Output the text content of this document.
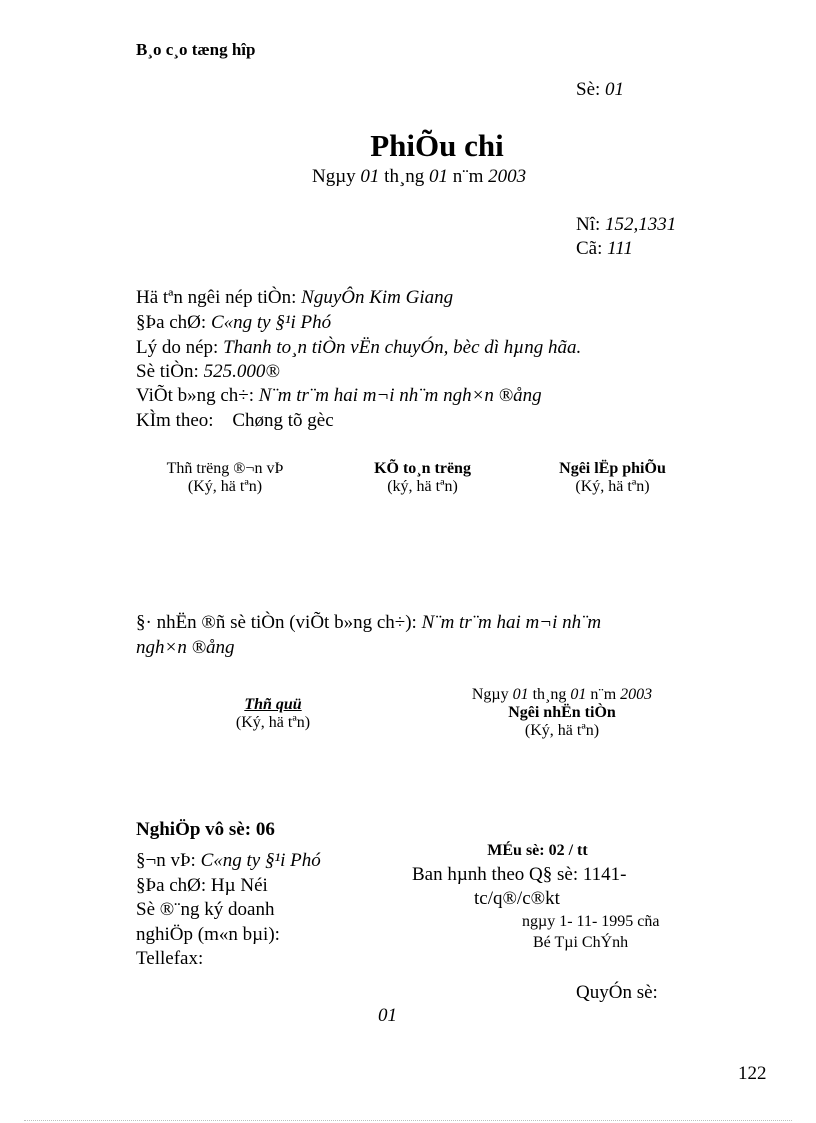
B¸o c¸o tæng hîp
Sè: 01
PhiÕu chi
Ngµy 01 th¸ng 01 n¨m 2003
Nî: 152,1331
Cã: 111
Hä tªn ngêi nép tiÒn: NguyÔn Kim Giang
§Þa chØ: C«ng ty §¹i Phó
Lý do nép: Thanh to¸n tiÒn vËn chuyÓn, bèc dì hµng hãa.
Sè tiÒn: 525.000®
ViÕt b»ng ch÷: N¨m tr¨m hai m¬i nh¨m ngh×n ®ång
KÌm theo: Chøng tõ gèc
Thñ trëng ®¬n vÞ
(Ký, hä tªn)
KÕ to¸n trëng
(ký, hä tªn)
Ngêi lËp phiÕu
(Ký, hä tªn)
§· nhËn ®ñ sè tiÒn (viÕt b»ng ch÷): N¨m tr¨m hai m¬i nh¨m
ngh×n ®ång
Thñ quü
(Ký, hä tªn)
Ngµy 01 th¸ng 01 n¨m 2003
Ngêi nhËn tiÒn
(Ký, hä tªn)
NghiÖp vô sè: 06
§¬n vÞ: C«ng ty §¹i Phó
§Þa chØ: Hµ Néi
Sè ®¨ng ký doanh
nghiÖp (m«n bµi):
Tellefax:
MÉu sè: 02 / tt
Ban hµnh theo Q§ sè: 1141-
tc/q®/c®kt
ngµy 1- 11- 1995 cña
Bé Tµi ChÝnh
QuyÓn sè:
01
122
